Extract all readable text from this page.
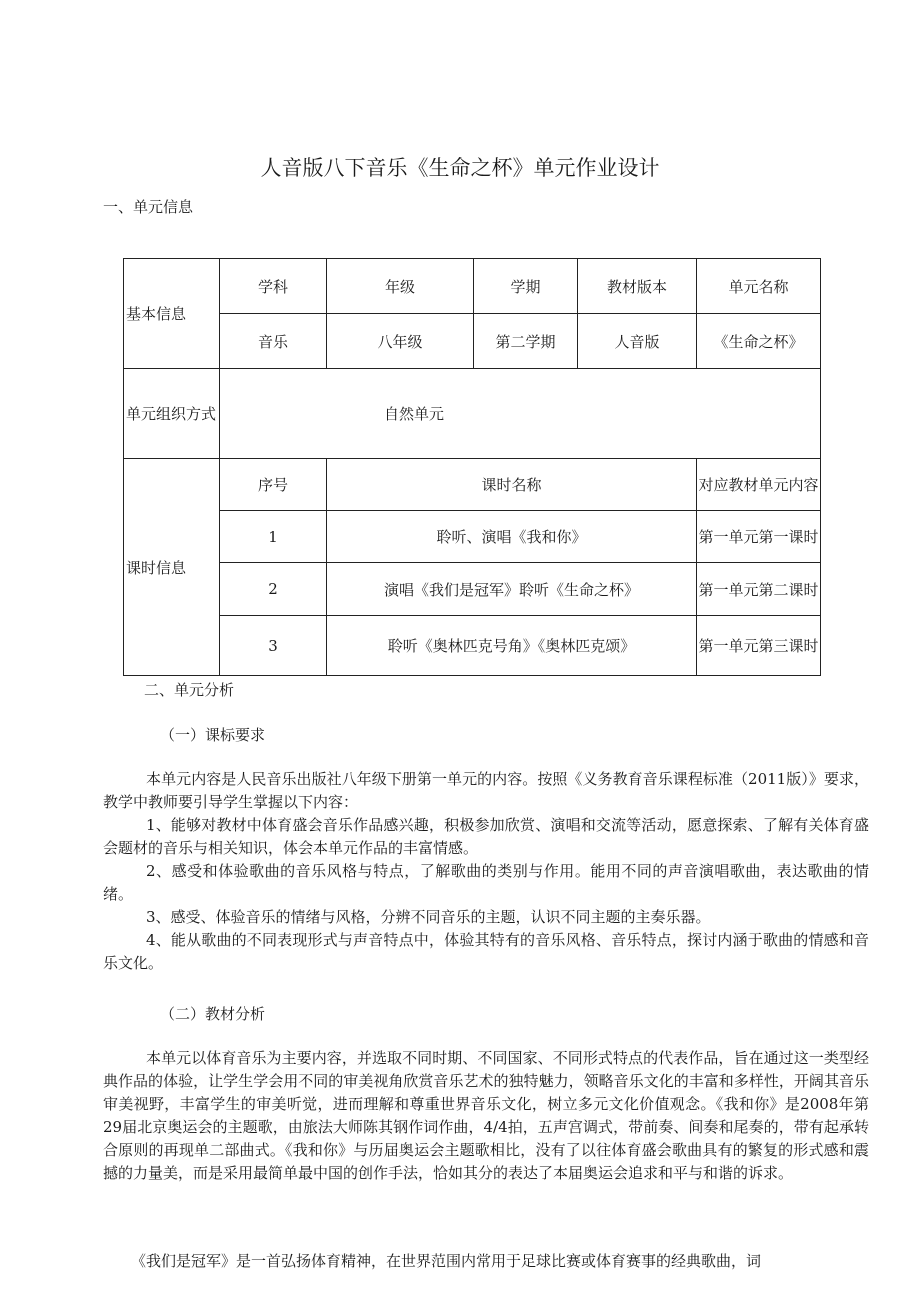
人音版八下音乐《生命之杯》单元作业设计
一、单元信息
基本信息	学科	年级	学期	教材版本	单元名称
	音乐	八年级	第二学期	人音版	《生命之杯》
单元组织方式	自然单元				
课时信息	序号	课时名称			对应教材单元内容
	1	聆听、演唱《我和你》			第一单元第一课时
	2	演唱《我们是冠军》聆听《生命之杯》			第一单元第二课时
	3	聆听《奥林匹克号角》《奥林匹克颂》			第一单元第三课时
二、单元分析
（一）课标要求

本单元内容是人民音乐出版社八年级下册第一单元的内容。按照《义务教育音乐课程标准（2011版）》要求，教学中教师要引导学生掌握以下内容：

1、能够对教材中体育盛会音乐作品感兴趣，积极参加欣赏、演唱和交流等活动，愿意探索、了解有关体育盛会题材的音乐与相关知识，体会本单元作品的丰富情感。

2、感受和体验歌曲的音乐风格与特点，了解歌曲的类别与作用。能用不同的声音演唱歌曲，表达歌曲的情绪。

3、感受、体验音乐的情绪与风格，分辨不同音乐的主题，认识不同主题的主奏乐器。

4、能从歌曲的不同表现形式与声音特点中，体验其特有的音乐风格、音乐特点，探讨内涵于歌曲的情感和音乐文化。

（二）教材分析

本单元以体育音乐为主要内容，并选取不同时期、不同国家、不同形式特点的代表作品，旨在通过这一类型经典作品的体验，让学生学会用不同的审美视角欣赏音乐艺术的独特魅力，领略音乐文化的丰富和多样性，开阔其音乐审美视野，丰富学生的审美听觉，进而理解和尊重世界音乐文化，树立多元文化价值观念。《我和你》是2008年第29届北京奥运会的主题歌，由旅法大师陈其钢作词作曲，4/4拍，五声宫调式，带前奏、间奏和尾奏的，带有起承转合原则的再现单二部曲式。《我和你》与历届奥运会主题歌相比，没有了以往体育盛会歌曲具有的繁复的形式感和震撼的力量美，而是采用最简单最中国的创作手法，恰如其分的表达了本届奥运会追求和平与和谐的诉求。

《我们是冠军》是一首弘扬体育精神，在世界范围内常用于足球比赛或体育赛事的经典歌曲，词
